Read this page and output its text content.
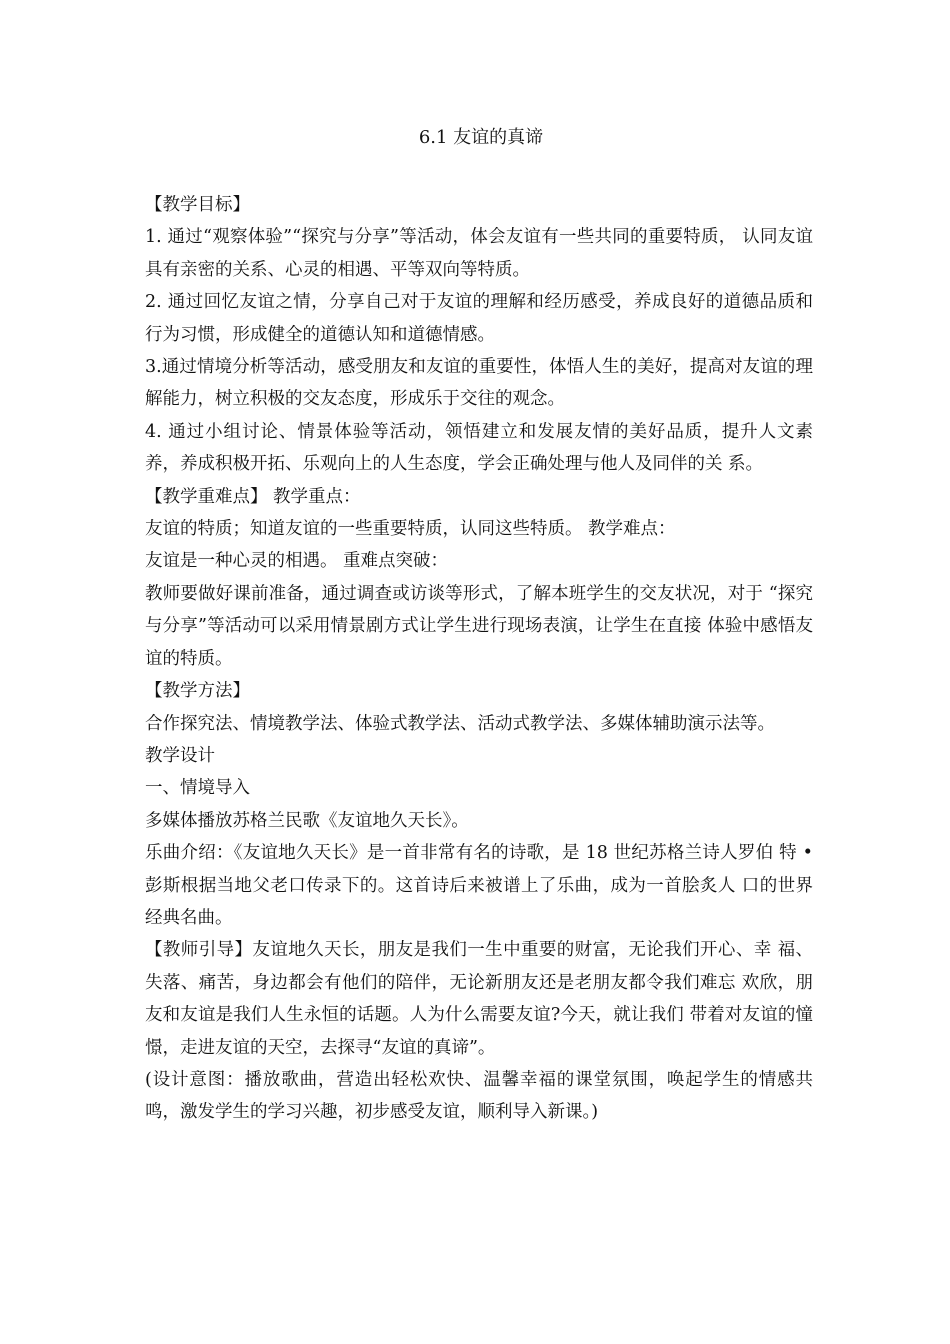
6.1 友谊的真谛

【教学目标】

1. 通过“观察体验”“探究与分享”等活动，体会友谊有一些共同的重要特质， 认同友谊具有亲密的关系、心灵的相遇、平等双向等特质。

2. 通过回忆友谊之情，分享自己对于友谊的理解和经历感受，养成良好的道德品质和行为习惯，形成健全的道德认知和道德情感。

3.通过情境分析等活动，感受朋友和友谊的重要性，体悟人生的美好，提高对友谊的理解能力，树立积极的交友态度，形成乐于交往的观念。

4. 通过小组讨论、情景体验等活动，领悟建立和发展友情的美好品质，提升人文素养，养成积极开拓、乐观向上的人生态度，学会正确处理与他人及同伴的关 系。

【教学重难点】 教学重点：

友谊的特质；知道友谊的一些重要特质，认同这些特质。 教学难点：

友谊是一种心灵的相遇。 重难点突破：

教师要做好课前准备，通过调查或访谈等形式，了解本班学生的交友状况，对于 “探究与分享”等活动可以采用情景剧方式让学生进行现场表演，让学生在直接 体验中感悟友谊的特质。

【教学方法】

合作探究法、情境教学法、体验式教学法、活动式教学法、多媒体辅助演示法等。

教学设计

一、情境导入

多媒体播放苏格兰民歌《友谊地久天长》。

乐曲介绍：《友谊地久天长》是一首非常有名的诗歌，是 18 世纪苏格兰诗人罗伯 特 •彭斯根据当地父老口传录下的。这首诗后来被谱上了乐曲，成为一首脍炙人 口的世界经典名曲。

【教师引导】友谊地久天长，朋友是我们一生中重要的财富，无论我们开心、幸 福、失落、痛苦，身边都会有他们的陪伴，无论新朋友还是老朋友都令我们难忘 欢欣，朋友和友谊是我们人生永恒的话题。人为什么需要友谊?今天，就让我们 带着对友谊的憧憬，走进友谊的天空，去探寻“友谊的真谛”。

(设计意图：播放歌曲，营造出轻松欢快、温馨幸福的课堂氛围，唤起学生的情感共鸣，激发学生的学习兴趣，初步感受友谊，顺利导入新课。)
